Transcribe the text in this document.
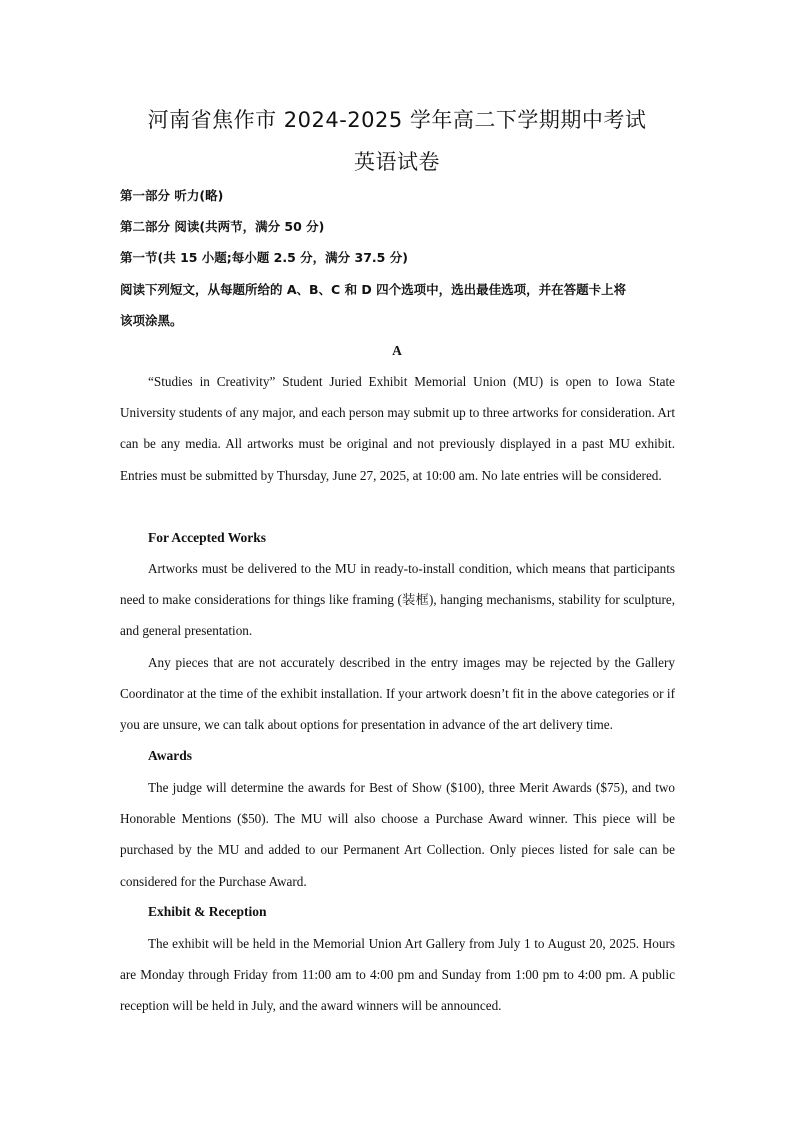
河南省焦作市 2024-2025 学年高二下学期期中考试
英语试卷
第一部分 听力(略)
第二部分 阅读(共两节，满分 50 分)
第一节(共 15 小题;每小题 2.5 分，满分 37.5 分)
阅读下列短文，从每题所给的 A、B、C 和 D 四个选项中，选出最佳选项，并在答题卡上将
该项涂黑。
A
“Studies in Creativity” Student Juried Exhibit Memorial Union (MU) is open to Iowa State University students of any major, and each person may submit up to three artworks for consideration. Art can be any media. All artworks must be original and not previously displayed in a past MU exhibit. Entries must be submitted by Thursday, June 27, 2025, at 10:00 am. No late entries will be considered.
For Accepted Works
Artworks must be delivered to the MU in ready-to-install condition, which means that participants need to make considerations for things like framing (装框), hanging mechanisms, stability for sculpture, and general presentation.
Any pieces that are not accurately described in the entry images may be rejected by the Gallery Coordinator at the time of the exhibit installation. If your artwork doesn’t fit in the above categories or if you are unsure, we can talk about options for presentation in advance of the art delivery time.
Awards
The judge will determine the awards for Best of Show ($100), three Merit Awards ($75), and two Honorable Mentions ($50). The MU will also choose a Purchase Award winner. This piece will be purchased by the MU and added to our Permanent Art Collection. Only pieces listed for sale can be considered for the Purchase Award.
Exhibit & Reception
The exhibit will be held in the Memorial Union Art Gallery from July 1 to August 20, 2025. Hours are Monday through Friday from 11:00 am to 4:00 pm and Sunday from 1:00 pm to 4:00 pm. A public reception will be held in July, and the award winners will be announced.
